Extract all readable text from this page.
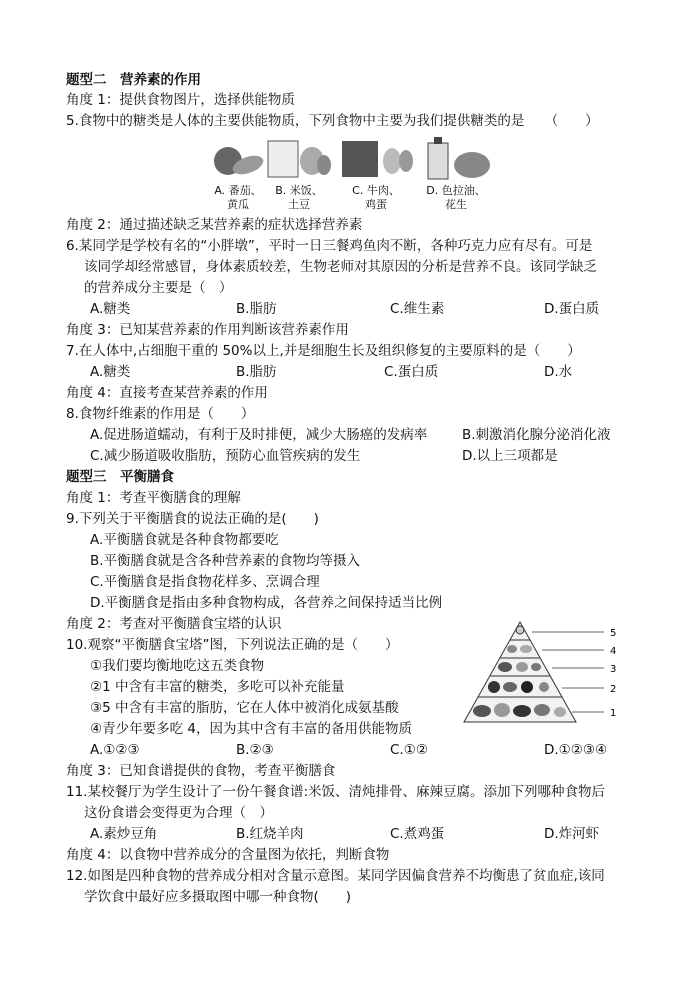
题型二　营养素的作用
角度 1：提供食物图片，选择供能物质
5.食物中的糖类是人体的主要供能物质，下列食物中主要为我们提供糖类的是　　（　　）
A. 番茄、
黄瓜
B. 米饭、
土豆
C. 牛肉、
鸡蛋
D. 色拉油、
花生
角度 2：通过描述缺乏某营养素的症状选择营养素
6.某同学是学校有名的“小胖墩”，平时一日三餐鸡鱼肉不断，各种巧克力应有尽有。可是
该同学却经常感冒，身体素质较差，生物老师对其原因的分析是营养不良。该同学缺乏
的营养成分主要是（　）
A.糖类	B.脂肪	C.维生素	D.蛋白质
角度 3：已知某营养素的作用判断该营养素作用
7.在人体中,占细胞干重的 50%以上,并是细胞生长及组织修复的主要原料的是（　　）
A.糖类	B.脂肪	C.蛋白质	D.水
角度 4：直接考查某营养素的作用
8.食物纤维素的作用是（　　）
A.促进肠道蠕动，有利于及时排便，减少大肠癌的发病率	B.刺激消化腺分泌消化液
C.减少肠道吸收脂肪，预防心血管疾病的发生	D.以上三项都是
题型三　平衡膳食
角度 1：考查平衡膳食的理解
9.下列关于平衡膳食的说法正确的是(　　)
A.平衡膳食就是各种食物都要吃
B.平衡膳食就是含各种营养素的食物均等摄入
C.平衡膳食是指食物花样多、烹调合理
D.平衡膳食是指由多种食物构成，各营养之间保持适当比例
角度 2：考查对平衡膳食宝塔的认识
10.观察“平衡膳食宝塔”图，下列说法正确的是（　　）
①我们要均衡地吃这五类食物
②1 中含有丰富的糖类，多吃可以补充能量
③5 中含有丰富的脂肪，它在人体中被消化成氨基酸
④青少年要多吃 4，因为其中含有丰富的备用供能物质
A.①②③	B.②③	C.①②	D.①②③④
5
4
3
2
1
角度 3：已知食谱提供的食物，考查平衡膳食
11.某校餐厅为学生设计了一份午餐食谱:米饭、清炖排骨、麻辣豆腐。添加下列哪种食物后
这份食谱会变得更为合理（　）
A.素炒豆角	B.红烧羊肉	C.煮鸡蛋	D.炸河虾
角度 4：以食物中营养成分的含量图为依托，判断食物
12.如图是四种食物的营养成分相对含量示意图。某同学因偏食营养不均衡患了贫血症,该同
学饮食中最好应多摄取图中哪一种食物(　　)
